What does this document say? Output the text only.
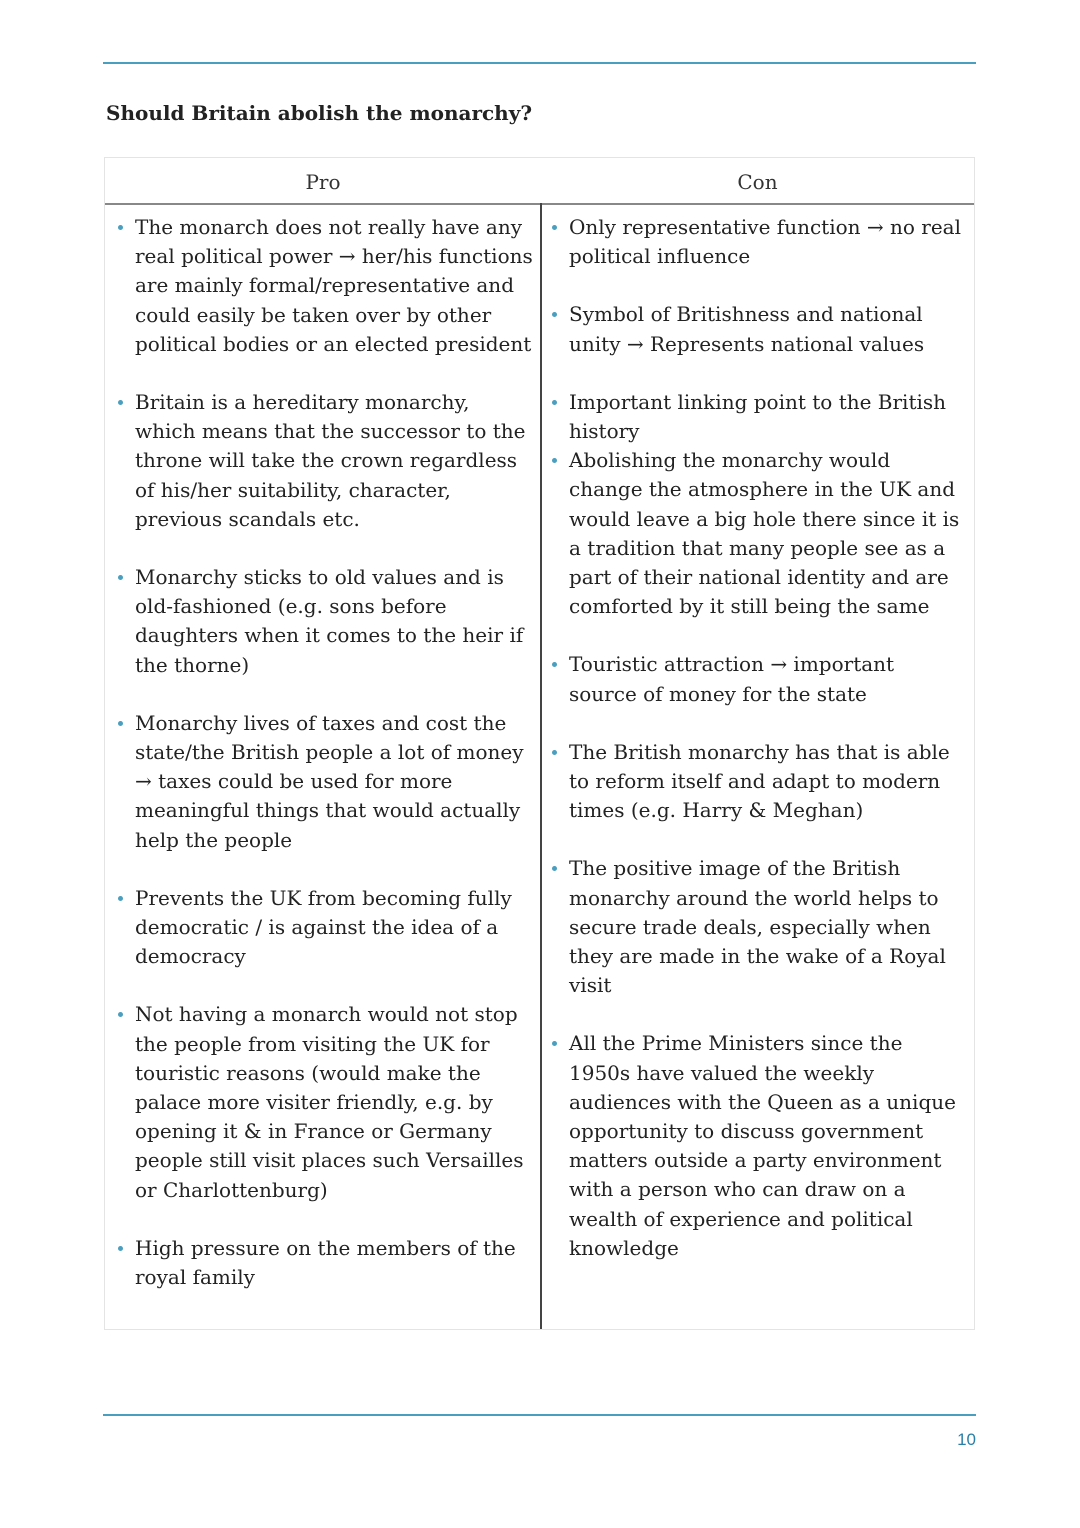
Should Britain abolish the monarchy?
Pro	Con
The monarch does not really have any real political power → her/his functions are mainly formal/representative and could easily be taken over by other political bodies or an elected president
Britain is a hereditary monarchy, which means that the successor to the throne will take the crown regardless of his/her suitability, character, previous scandals etc.
Monarchy sticks to old values and is old-fashioned (e.g. sons before daughters when it comes to the heir if the thorne)
Monarchy lives of taxes and cost the state/the British people a lot of money → taxes could be used for more meaningful things that would actually help the people
Prevents the UK from becoming fully democratic / is against the idea of a democracy
Not having a monarch would not stop the people from visiting the UK for touristic reasons (would make the palace more visiter friendly, e.g. by opening it & in France or Germany people still visit places such Versailles or Charlottenburg)
High pressure on the members of the royal family
Only representative function → no real political influence
Symbol of Britishness and national unity → Represents national values
Important linking point to the British history
Abolishing the monarchy would change the atmosphere in the UK and would leave a big hole there since it is a tradition that many people see as a part of their national identity and are comforted by it still being the same
Touristic attraction → important source of money for the state
The British monarchy has that is able to reform itself and adapt to modern times (e.g. Harry & Meghan)
The positive image of the British monarchy around the world helps to secure trade deals, especially when they are made in the wake of a Royal visit
All the Prime Ministers since the 1950s have valued the weekly audiences with the Queen as a unique opportunity to discuss government matters outside a party environment with a person who can draw on a wealth of experience and political knowledge
10
